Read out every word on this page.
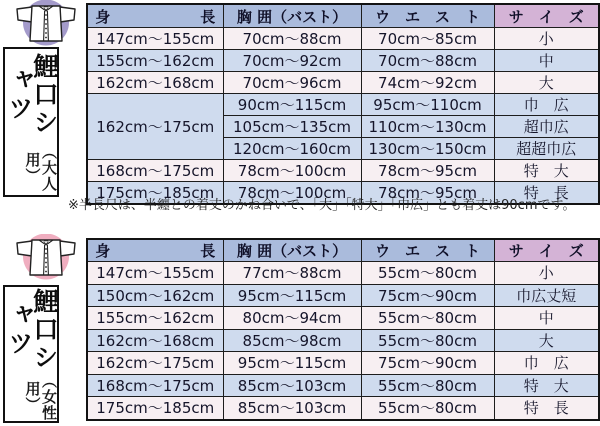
鯉口シャツ
（大人用）
身　　　　　　長	胸 囲（バスト）	ウ　エ　ス　ト	サ　イ　ズ
147cm～155cm	70cm～88cm	70cm～85cm	小
155cm～162cm	70cm～92cm	70cm～88cm	中
162cm～168cm	70cm～96cm	74cm～92cm	大
162cm～175cm	90cm～115cm	95cm～110cm	巾　広
	105cm～135cm	110cm～130cm	超巾広
	120cm～160cm	130cm～150cm	超超巾広
168cm～175cm	78cm～100cm	78cm～95cm	特　大
175cm～185cm	78cm～100cm	78cm～95cm	特　長
※半長尺は、半纏との着丈のかね合いで、「大」「特大」「巾広」とも着丈は90cmです。
鯉口シャツ
（女性用）
身　　　　　　長	胸 囲（バスト）	ウ　エ　ス　ト	サ　イ　ズ
147cm～155cm	77cm～88cm	55cm～80cm	小
150cm～162cm	95cm～115cm	75cm～90cm	巾広丈短
155cm～162cm	80cm～94cm	55cm～80cm	中
162cm～168cm	85cm～98cm	55cm～80cm	大
162cm～175cm	95cm～115cm	75cm～90cm	巾　広
168cm～175cm	85cm～103cm	55cm～80cm	特　大
175cm～185cm	85cm～103cm	55cm～80cm	特　長
